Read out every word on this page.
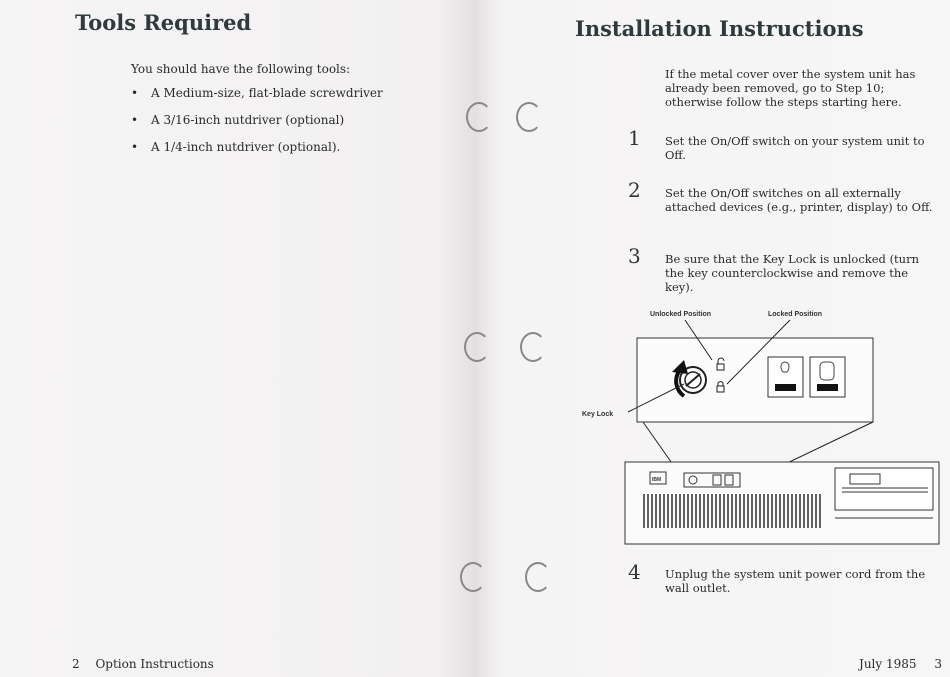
Tools Required
You should have the following tools:
•	A Medium-size, flat-blade screwdriver
•	A 3/16-inch nutdriver (optional)
•	A 1/4-inch nutdriver (optional).
2 Option Instructions
Installation Instructions
If the metal cover over the system unit has already been removed, go to Step 10; otherwise follow the steps starting here.
1 Set the On/Off switch on your system unit to Off.
2 Set the On/Off switches on all externally attached devices (e.g., printer, display) to Off.
3 Be sure that the Key Lock is unlocked (turn the key counterclockwise and remove the key).
Unlocked Position	Locked Position
Key Lock
IBM
4 Unplug the system unit power cord from the wall outlet.
July 1985 3
